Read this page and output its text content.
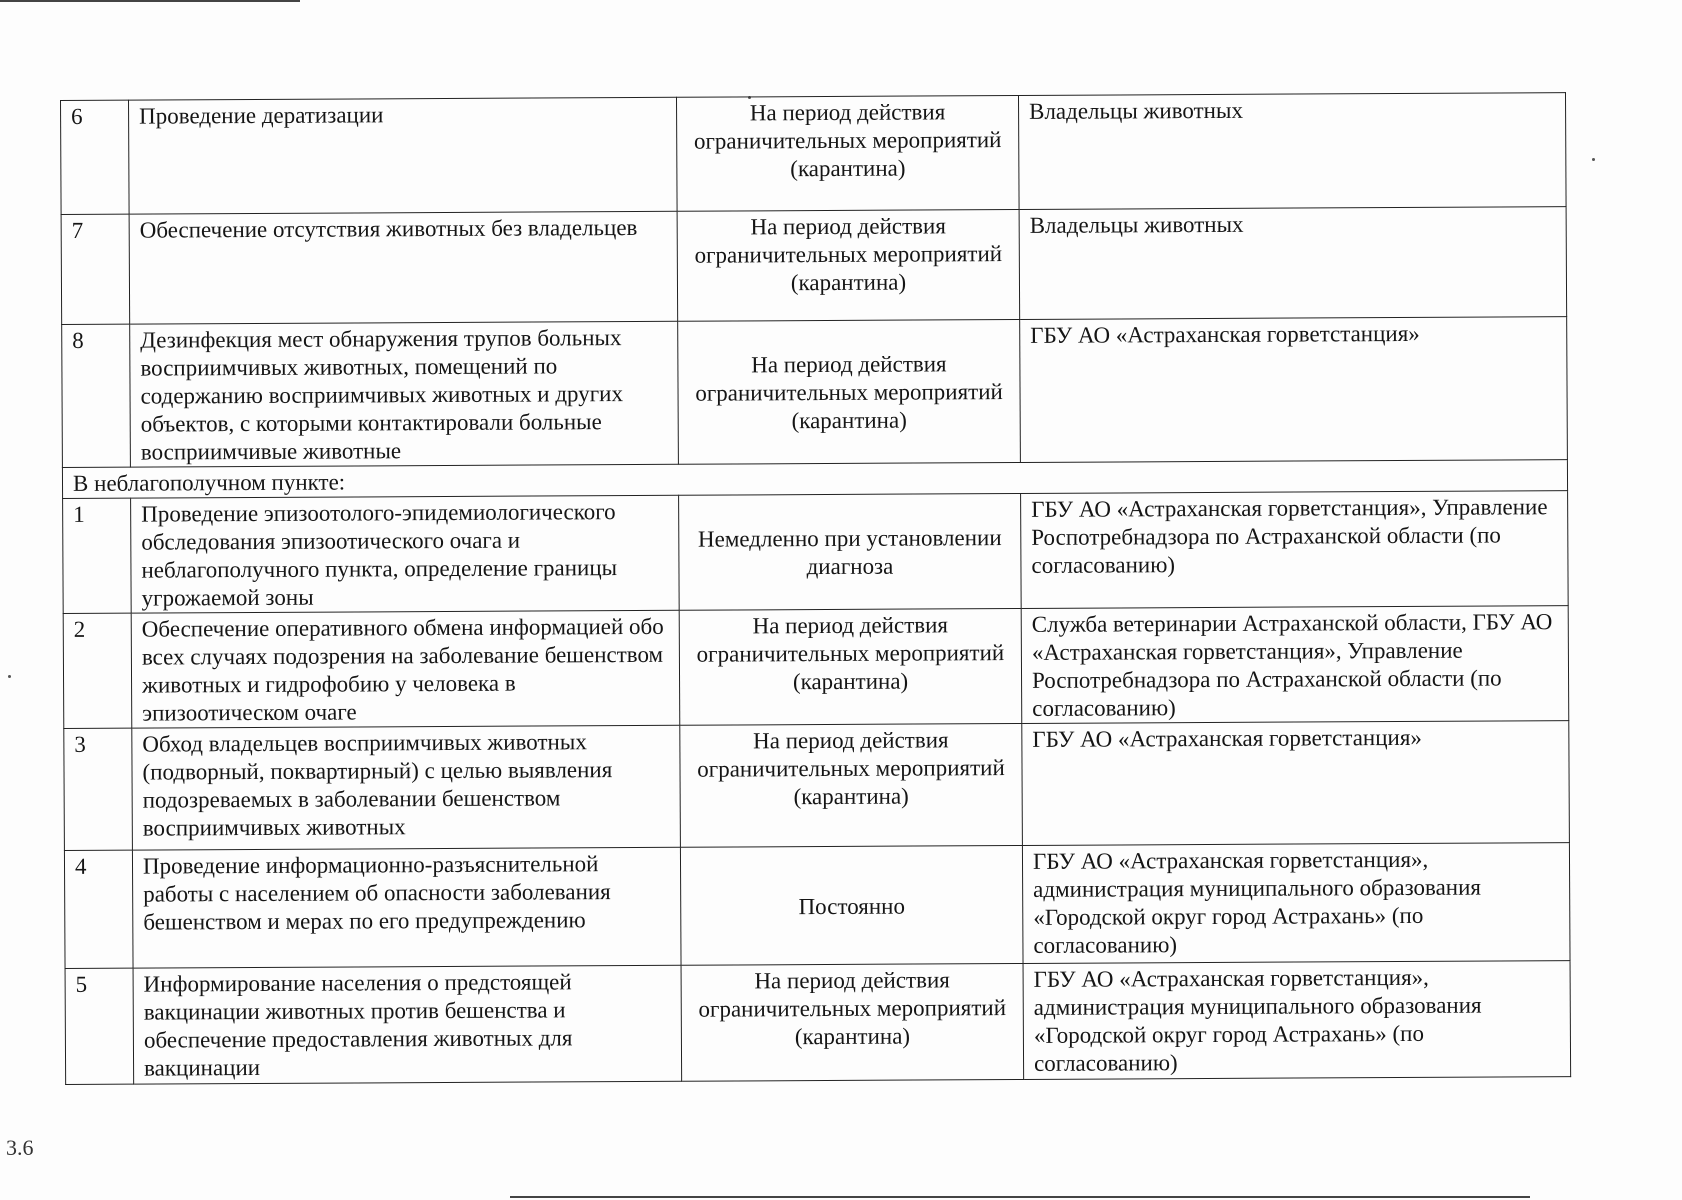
6	Проведение дератизации	На период действия ограничительных мероприятий (карантина)	Владельцы животных
7	Обеспечение отсутствия животных без владельцев	На период действия ограничительных мероприятий (карантина)	Владельцы животных
8	Дезинфекция мест обнаружения трупов больных восприимчивых животных, помещений по содержанию восприимчивых животных и других объектов, с которыми контактировали больные восприимчивые животные	На период действия ограничительных мероприятий (карантина)	ГБУ АО «Астраханская горветстанция»
В неблагополучном пункте:			
1	Проведение эпизоотолого-эпидемиологического обследования эпизоотического очага и неблагополучного пункта, определение границы угрожаемой зоны	Немедленно при установлении диагноза	ГБУ АО «Астраханская горветстанция», Управление Роспотребнадзора по Астраханской области (по согласованию)
2	Обеспечение оперативного обмена информацией обо всех случаях подозрения на заболевание бешенством животных и гидрофобию у человека в эпизоотическом очаге	На период действия ограничительных мероприятий (карантина)	Служба ветеринарии Астраханской области, ГБУ АО «Астраханская горветстанция», Управление Роспотребнадзора по Астраханской области (по согласованию)
3	Обход владельцев восприимчивых животных (подворный, поквартирный) с целью выявления подозреваемых в заболевании бешенством восприимчивых животных	На период действия ограничительных мероприятий (карантина)	ГБУ АО «Астраханская горветстанция»
4	Проведение информационно-разъяснительной работы с населением об опасности заболевания бешенством и мерах по его предупреждению	Постоянно	ГБУ АО «Астраханская горветстанция», администрация муниципального образования «Городской округ город Астрахань» (по согласованию)
5	Информирование населения о предстоящей вакцинации животных против бешенства и обеспечение предоставления животных для вакцинации	На период действия ограничительных мероприятий (карантина)	ГБУ АО «Астраханская горветстанция», администрация муниципального образования «Городской округ город Астрахань» (по согласованию)
3.6
